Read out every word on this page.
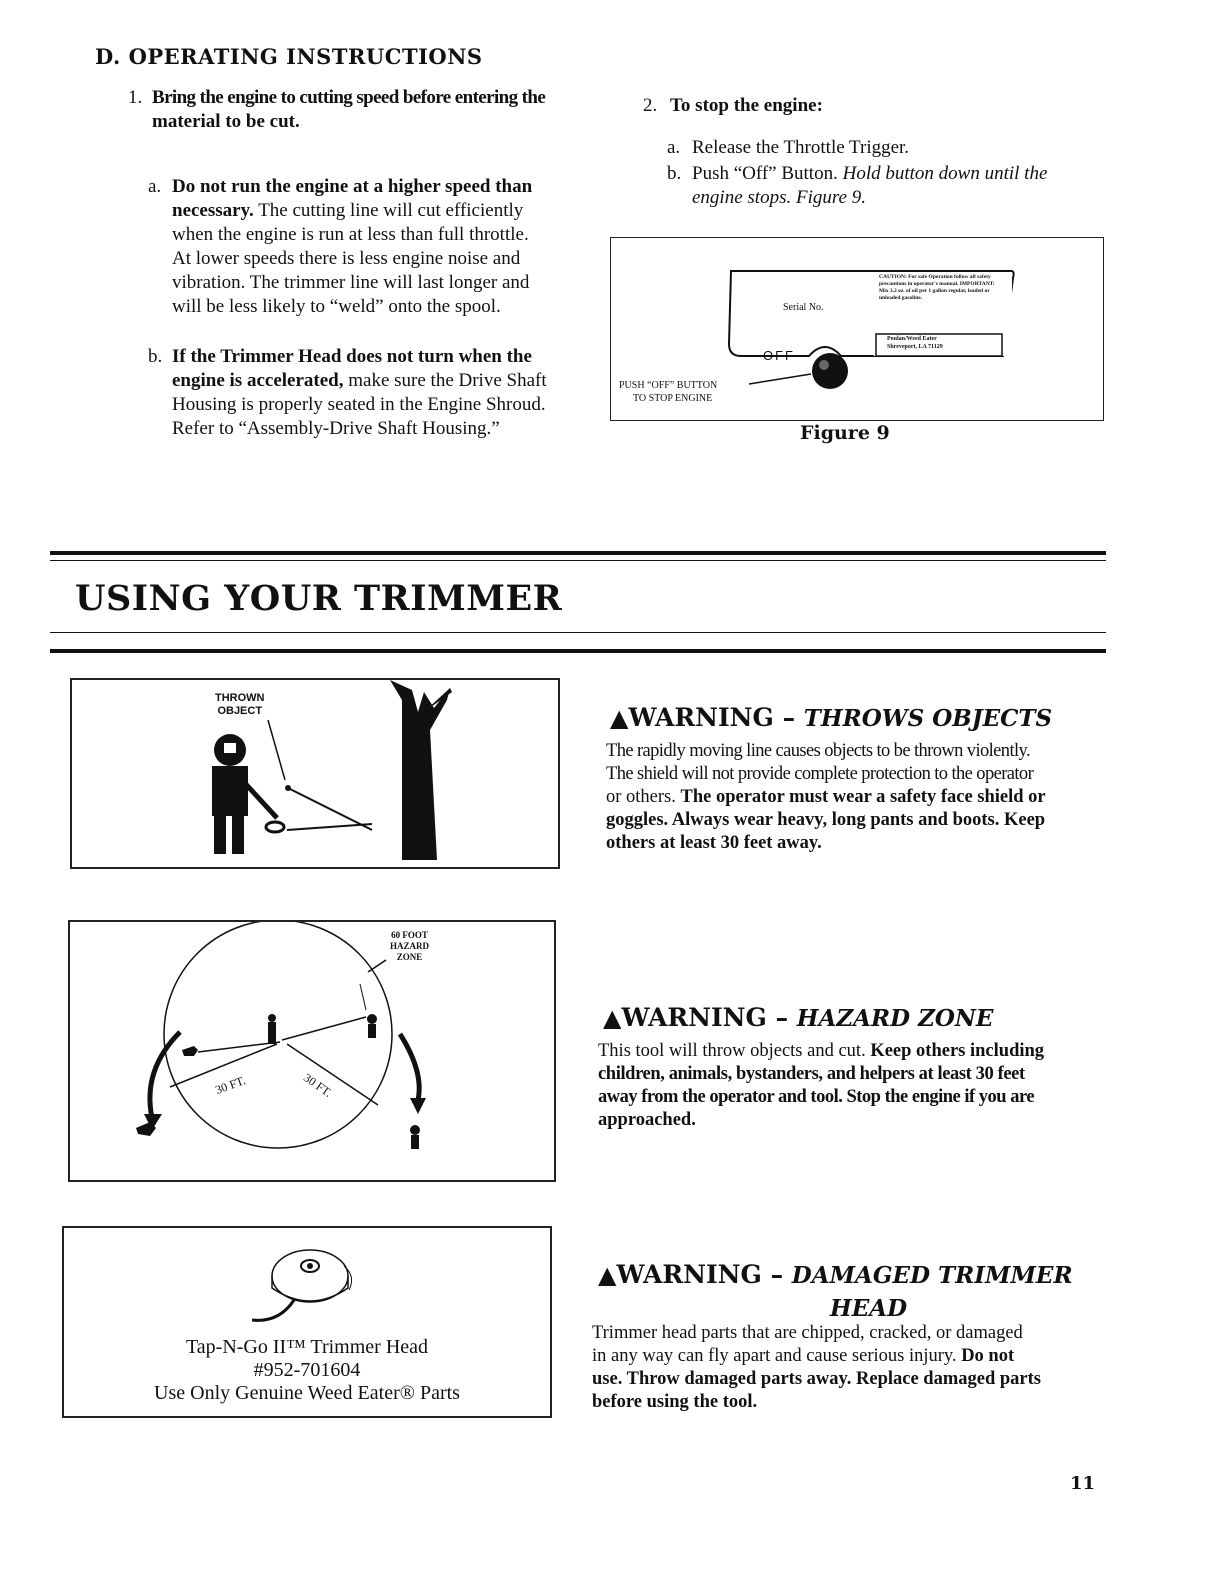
D. OPERATING INSTRUCTIONS
1. Bring the engine to cutting speed before entering the
material to be cut.
a. Do not run the engine at a higher speed than
necessary. The cutting line will cut efficiently
when the engine is run at less than full throttle.
At lower speeds there is less engine noise and
vibration. The trimmer line will last longer and
will be less likely to “weld” onto the spool.
b. If the Trimmer Head does not turn when the
engine is accelerated, make sure the Drive Shaft
Housing is properly seated in the Engine Shroud.
Refer to “Assembly-Drive Shaft Housing.”
2. To stop the engine:
a. Release the Throttle Trigger.
b. Push “Off” Button. Hold button down until the
engine stops. Figure 9.
Serial No.
OFF
CAUTION: For safe Operation follow all safety precautions in operator's manual. IMPORTANT: Mix 3.2 oz. of oil per 1 gallon regular, leaded or unleaded gasoline.
Poulan/Weed Eater
Shreveport, LA 71129
PUSH “OFF” BUTTON
TO STOP ENGINE
Figure 9
USING YOUR TRIMMER
THROWN
OBJECT
60 FOOT
HAZARD
ZONE
30 FT.	30 FT.
Tap-N-Go II™ Trimmer Head
#952-701604
Use Only Genuine Weed Eater® Parts
▲WARNING – THROWS OBJECTS
The rapidly moving line causes objects to be thrown violently.
The shield will not provide complete protection to the operator
or others. The operator must wear a safety face shield or
goggles. Always wear heavy, long pants and boots. Keep
others at least 30 feet away.
▲WARNING – HAZARD ZONE
This tool will throw objects and cut. Keep others including
children, animals, bystanders, and helpers at least 30 feet
away from the operator and tool. Stop the engine if you are
approached.
▲WARNING – DAMAGED TRIMMER
HEAD
Trimmer head parts that are chipped, cracked, or damaged
in any way can fly apart and cause serious injury. Do not
use. Throw damaged parts away. Replace damaged parts
before using the tool.
11
